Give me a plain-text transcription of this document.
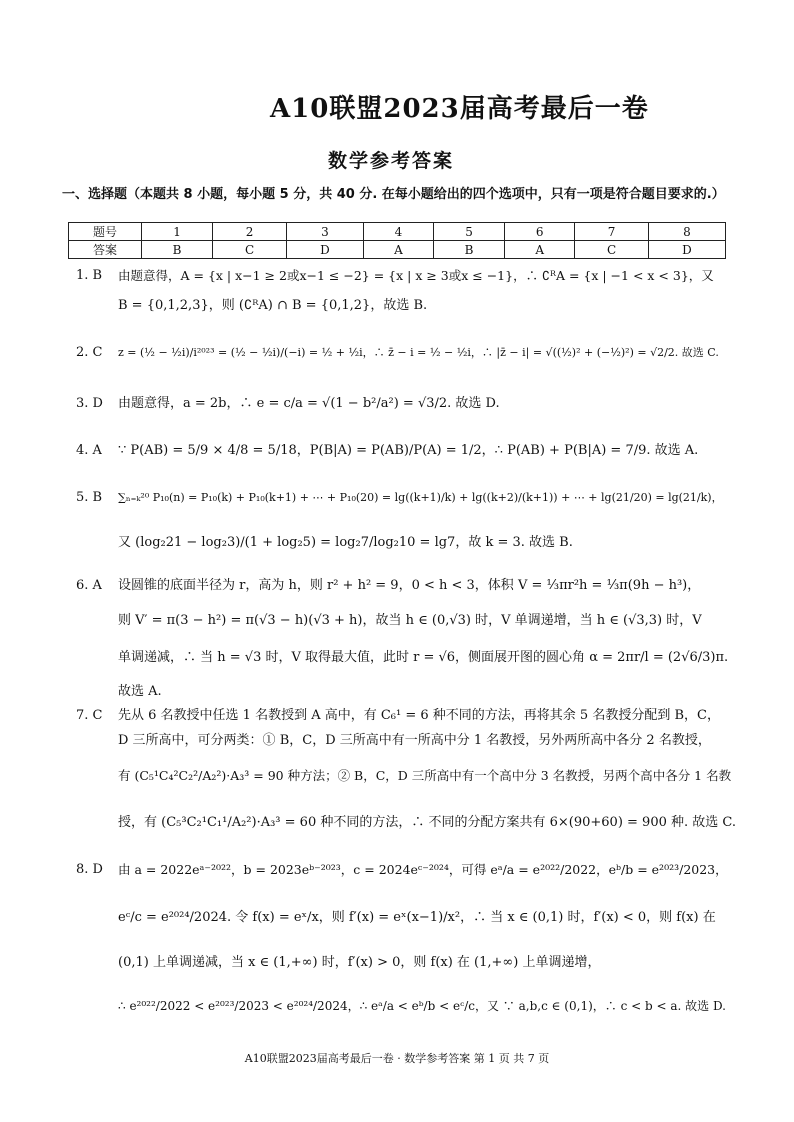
A10联盟2023届高考最后一卷
数学参考答案
一、选择题（本题共 8 小题，每小题 5 分，共 40 分. 在每小题给出的四个选项中，只有一项是符合题目要求的.）
题号	1	2	3	4	5	6	7	8
答案	B	C	D	A	B	A	C	D
1. B	由题意得，A = {x | x−1 ≥ 2或x−1 ≤ −2} = {x | x ≥ 3或x ≤ −1}，∴ ∁ᴿA = {x | −1 < x < 3}，又
B = {0,1,2,3}，则 (∁ᴿA) ∩ B = {0,1,2}，故选 B.
2. C	z = (½ − ½i)/i²⁰²³ = (½ − ½i)/(−i) = ½ + ½i，∴ z̄ − i = ½ − ½i，∴ |z̄ − i| = √((½)² + (−½)²) = √2/2. 故选 C.
3. D	由题意得，a = 2b，∴ e = c/a = √(1 − b²/a²) = √3/2. 故选 D.
4. A	∵ P(AB) = 5/9 × 4/8 = 5/18，P(B|A) = P(AB)/P(A) = 1/2，∴ P(AB) + P(B|A) = 7/9. 故选 A.
5. B	∑ₙ₌ₖ²⁰ P₁₀(n) = P₁₀(k) + P₁₀(k+1) + ⋯ + P₁₀(20) = lg((k+1)/k) + lg((k+2)/(k+1)) + ⋯ + lg(21/20) = lg(21/k)，
又 (log₂21 − log₂3)/(1 + log₂5) = log₂7/log₂10 = lg7，故 k = 3. 故选 B.
6. A	设圆锥的底面半径为 r，高为 h，则 r² + h² = 9，0 < h < 3，体积 V = ⅓πr²h = ⅓π(9h − h³)，
则 V′ = π(3 − h²) = π(√3 − h)(√3 + h)，故当 h ∈ (0,√3) 时，V 单调递增，当 h ∈ (√3,3) 时，V
单调递减，∴ 当 h = √3 时，V 取得最大值，此时 r = √6，侧面展开图的圆心角 α = 2πr/l = (2√6/3)π.
故选 A.
7. C	先从 6 名教授中任选 1 名教授到 A 高中，有 C₆¹ = 6 种不同的方法，再将其余 5 名教授分配到 B，C，
D 三所高中，可分两类：① B，C，D 三所高中有一所高中分 1 名教授，另外两所高中各分 2 名教授，
有 (C₅¹C₄²C₂²/A₂²)·A₃³ = 90 种方法；② B，C，D 三所高中有一个高中分 3 名教授，另两个高中各分 1 名教
授，有 (C₅³C₂¹C₁¹/A₂²)·A₃³ = 60 种不同的方法，∴ 不同的分配方案共有 6×(90+60) = 900 种. 故选 C.
8. D	由 a = 2022eᵃ⁻²⁰²²，b = 2023eᵇ⁻²⁰²³，c = 2024eᶜ⁻²⁰²⁴，可得 eᵃ/a = e²⁰²²/2022，eᵇ/b = e²⁰²³/2023，
eᶜ/c = e²⁰²⁴/2024. 令 f(x) = eˣ/x，则 f′(x) = eˣ(x−1)/x²，∴ 当 x ∈ (0,1) 时，f′(x) < 0，则 f(x) 在
(0,1) 上单调递减，当 x ∈ (1,+∞) 时，f′(x) > 0，则 f(x) 在 (1,+∞) 上单调递增，
∴ e²⁰²²/2022 < e²⁰²³/2023 < e²⁰²⁴/2024，∴ eᵃ/a < eᵇ/b < eᶜ/c，又 ∵ a,b,c ∈ (0,1)，∴ c < b < a. 故选 D.
A10联盟2023届高考最后一卷 · 数学参考答案 第 1 页 共 7 页
